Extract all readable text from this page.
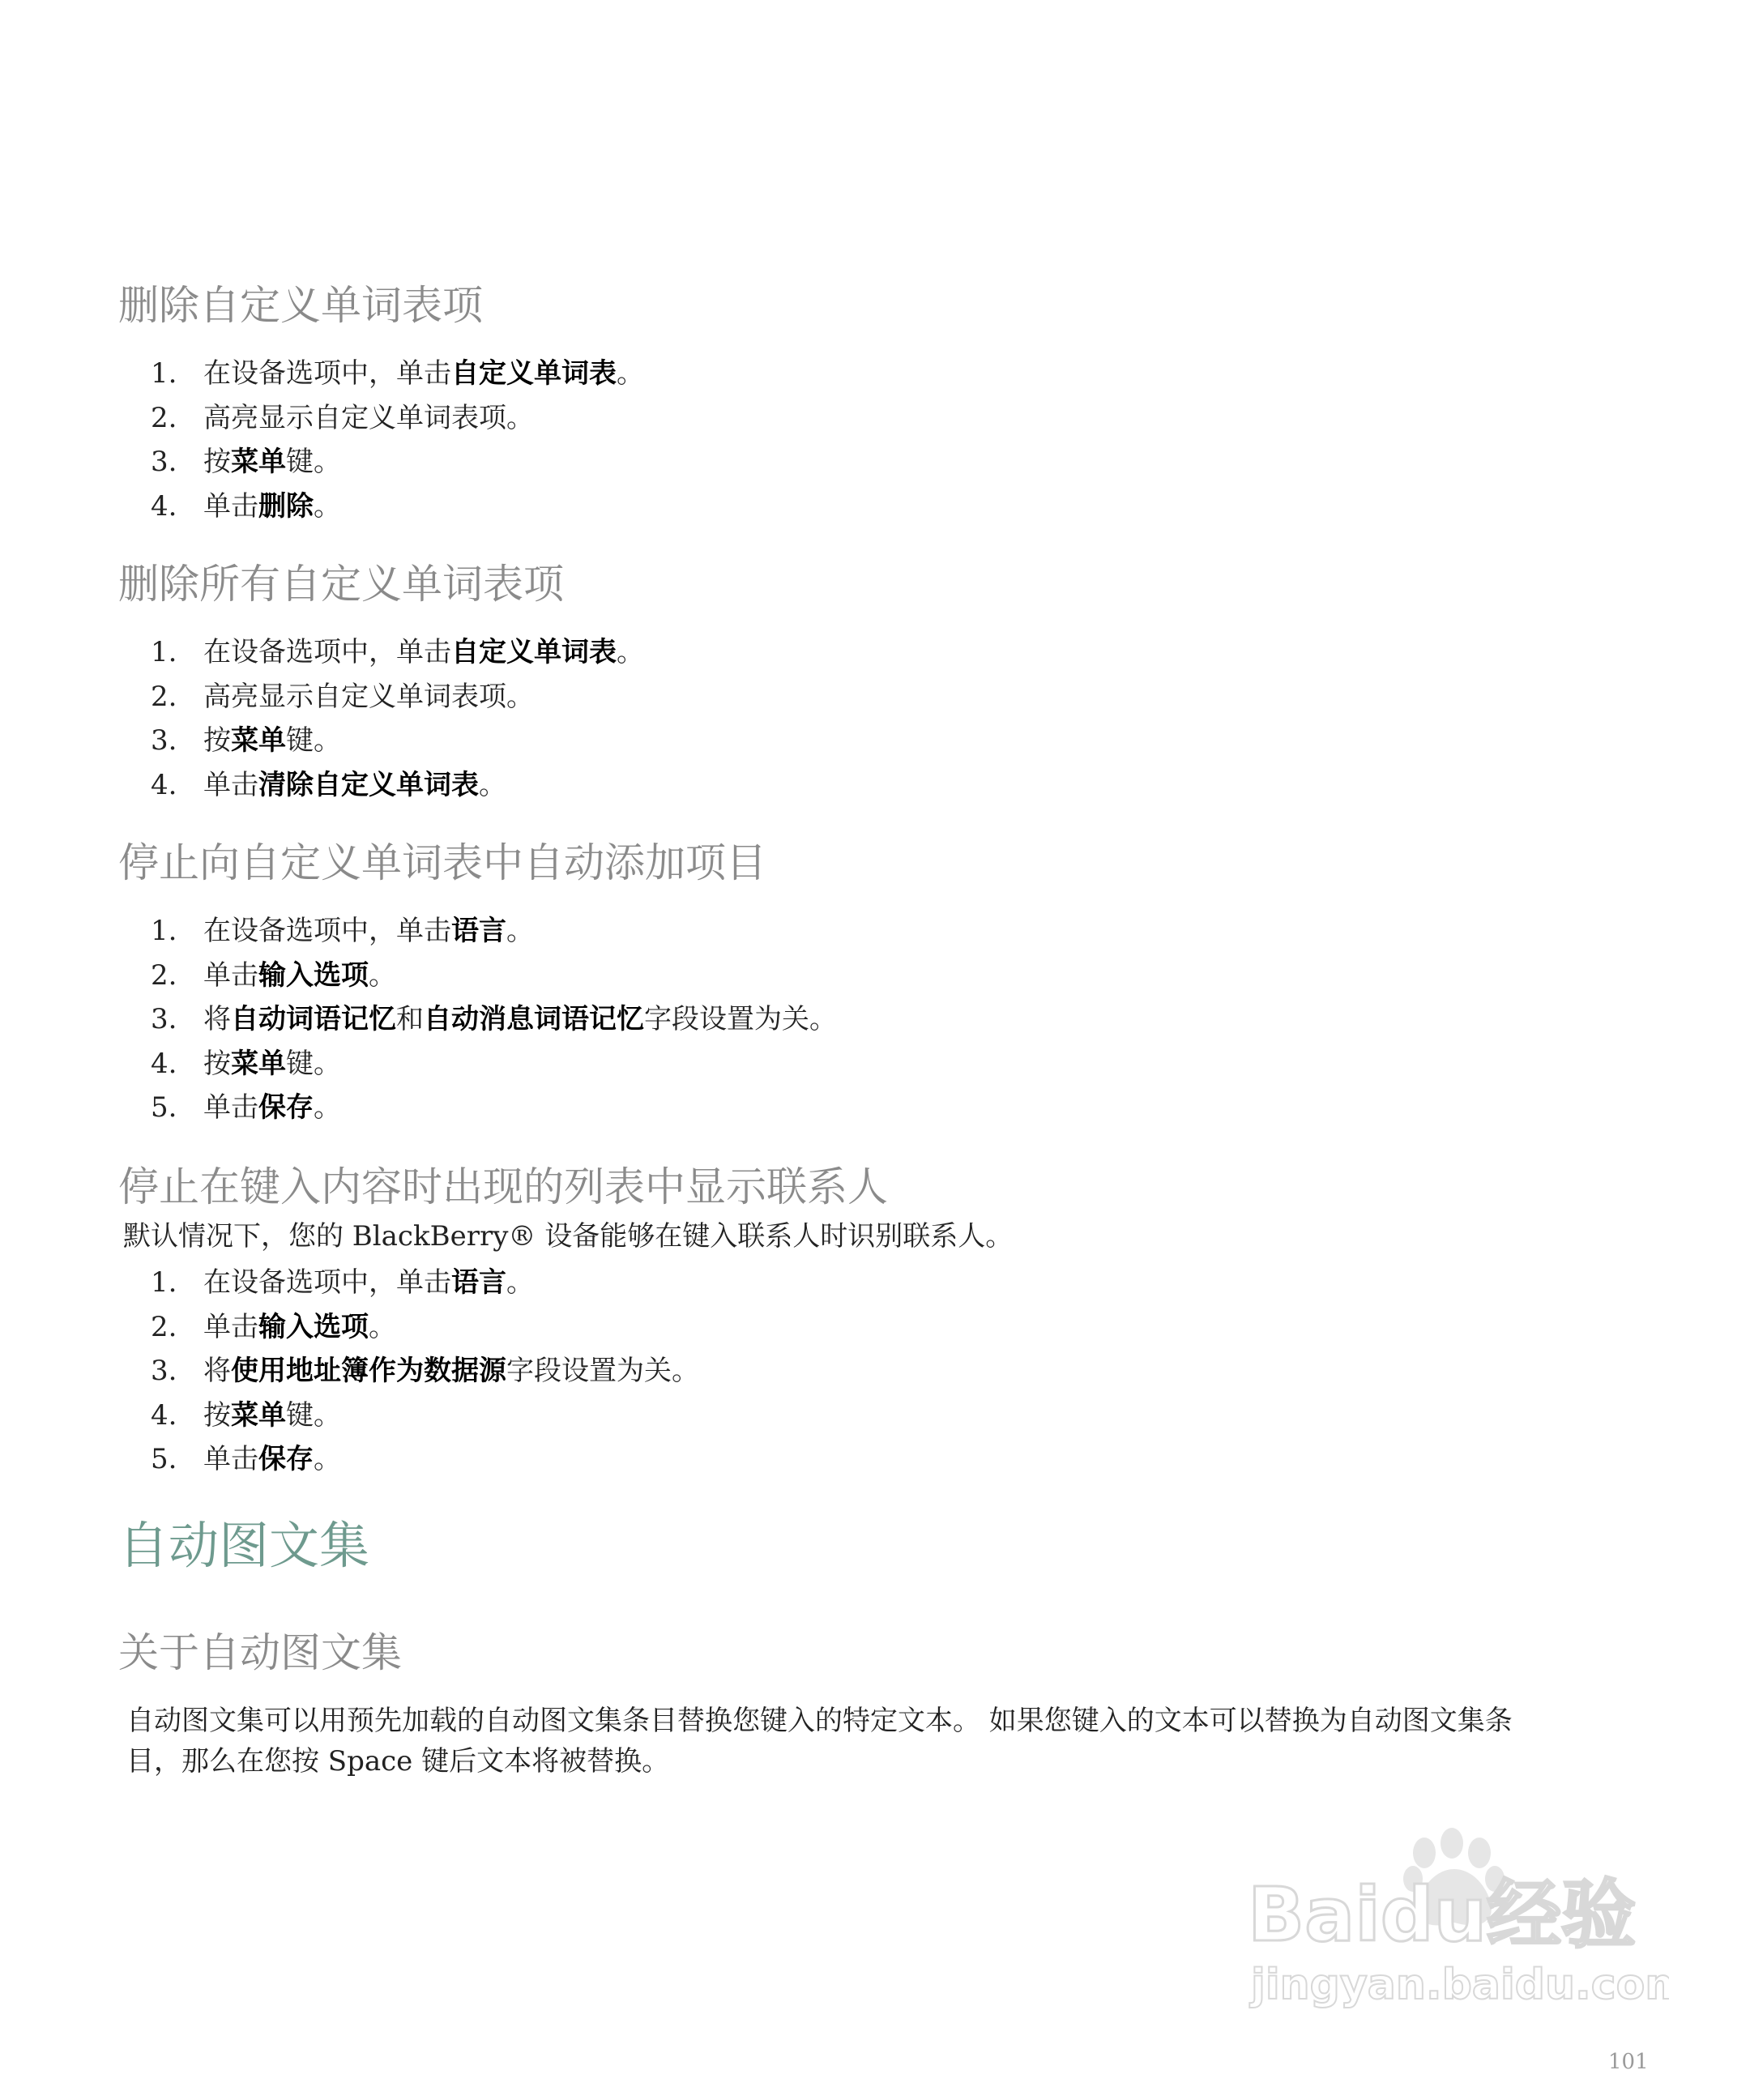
删除自定义单词表项
1. 在设备选项中，单击自定义单词表。
2. 高亮显示自定义单词表项。
3. 按菜单键。
4. 单击删除。
删除所有自定义单词表项
1. 在设备选项中，单击自定义单词表。
2. 高亮显示自定义单词表项。
3. 按菜单键。
4. 单击清除自定义单词表。
停止向自定义单词表中自动添加项目
1. 在设备选项中，单击语言。
2. 单击输入选项。
3. 将自动词语记忆和自动消息词语记忆字段设置为关。
4. 按菜单键。
5. 单击保存。
停止在键入内容时出现的列表中显示联系人

默认情况下，您的 BlackBerry® 设备能够在键入联系人时识别联系人。

1. 在设备选项中，单击语言。
2. 单击输入选项。
3. 将使用地址簿作为数据源字段设置为关。
4. 按菜单键。
5. 单击保存。
自动图文集
关于自动图文集

自动图文集可以用预先加载的自动图文集条目替换您键入的特定文本。 如果您键入的文本可以替换为自动图文集条
目，那么在您按 Space 键后文本将被替换。

Baidu经验
jingyan.baidu.com
101
